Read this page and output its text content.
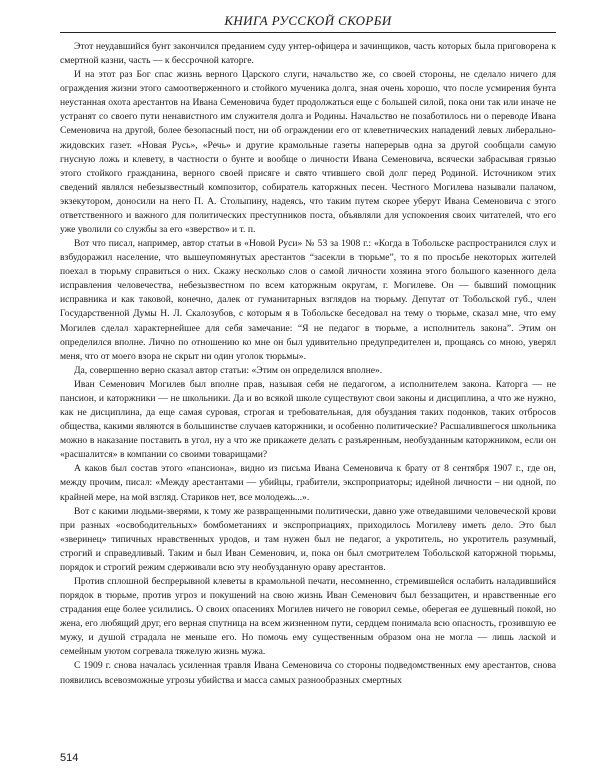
КНИГА РУССКОЙ СКОРБИ

Этот неудавшийся бунт закончился преданием суду унтер-офицера и зачинщиков, часть которых была приговорена к смертной казни, часть — к бессрочной каторге.

И на этот раз Бог спас жизнь верного Царского слуги, начальство же, со своей стороны, не сделало ничего для ограждения жизни этого самоотверженного и стойкого мученика долга, зная очень хорошо, что после усмирения бунта неустанная охота арестантов на Ивана Семеновича будет продолжаться еще с большей силой, пока они так или иначе не устранят со своего пути ненавистного им служителя долга и Родины. Начальство не позаботилось ни о переводе Ивана Семеновича на другой, более безопасный пост, ни об ограждении его от клеветнических нападений левых либерально-жидовских газет. «Новая Русь», «Речь» и другие крамольные газеты наперерыв одна за другой сообщали самую гнусную ложь и клевету, в частности о бунте и вообще о личности Ивана Семеновича, всячески забрасывая грязью этого стойкого гражданина, верного своей присяге и свято чтившего свой долг перед Родиной. Источником этих сведений являлся небезызвестный композитор, собиратель каторжных песен. Честного Могилева называли палачом, экзекутором, доносили на него П. А. Столыпину, надеясь, что таким путем скорее уберут Ивана Семеновича с этого ответственного и важного для политических преступников поста, объявляли для успокоения своих читателей, что его уже уволили со службы за его «зверство» и т. п.

Вот что писал, например, автор статьи в «Новой Руси» № 53 за 1908 г.: «Когда в Тобольске распространился слух и взбудоражил население, что вышеупомянутых арестантов “засекли в тюрьме”, то я по просьбе некоторых жителей поехал в тюрьму справиться о них. Скажу несколько слов о самой личности хозяина этого большого казенного дела исправления человечества, небезызвестном по всем каторжным округам, г. Могилеве. Он — бывший помощник исправника и как таковой, конечно, далек от гуманитарных взглядов на тюрьму. Депутат от Тобольской губ., член Государственной Думы Н. Л. Скалозубов, с которым я в Тобольске беседовал на тему о тюрьме, сказал мне, что ему Могилев сделал характернейшее для себя замечание: “Я не педагог в тюрьме, а исполнитель закона”. Этим он определился вполне. Лично по отношению ко мне он был удивительно предупредителен и, прощаясь со мною, уверял меня, что от моего взора не скрыт ни один уголок тюрьмы».

Да, совершенно верно сказал автор статьи: «Этим он определился вполне».

Иван Семенович Могилев был вполне прав, называя себя не педагогом, а исполнителем закона. Каторга — не пансион, и каторжники — не школьники. Да и во всякой школе существуют свои законы и дисциплина, а что же нужно, как не дисциплина, да еще самая суровая, строгая и требовательная, для обуздания таких подонков, таких отбросов общества, какими являются в большинстве случаев каторжники, и особенно политические? Расшалившегося школьника можно в наказание поставить в угол, ну а что же прикажете делать с разъяренным, необузданным каторжником, если он «расшалится» в компании со своими товарищами?

А каков был состав этого «пансиона», видно из письма Ивана Семеновича к брату от 8 сентября 1907 г., где он, между прочим, писал: «Между арестантами — убийцы, грабители, экспроприаторы; идейной личности – ни одной, по крайней мере, на мой взгляд. Стариков нет, все молодежь...».

Вот с какими людьми-зверями, к тому же развращенными политически, давно уже отведавшими человеческой крови при разных «освободительных» бомбометаниях и экспроприациях, приходилось Могилеву иметь дело. Это был «зверинец» типичных нравственных уродов, и там нужен был не педагог, а укротитель, но укротитель разумный, строгий и справедливый. Таким и был Иван Семенович, и, пока он был смотрителем Тобольской каторжной тюрьмы, порядок и строгий режим сдерживали всю эту необузданную ораву арестантов.

Против сплошной беспрерывной клеветы в крамольной печати, несомненно, стремившейся ослабить наладившийся порядок в тюрьме, против угроз и покушений на свою жизнь Иван Семенович был беззащитен, и нравственные его страдания еще более усилились. О своих опасениях Могилев ничего не говорил семье, оберегая ее душевный покой, но жена, его любящий друг, его верная спутница на всем жизненном пути, сердцем понимала всю опасность, грозившую ее мужу, и душой страдала не меньше его. Но помочь ему существенным образом она не могла — лишь лаской и семейным уютом согревала тяжелую жизнь мужа.

С 1909 г. снова началась усиленная травля Ивана Семеновича со стороны подведомственных ему арестантов, снова появились всевозможные угрозы убийства и масса самых разнообразных смертных

514
